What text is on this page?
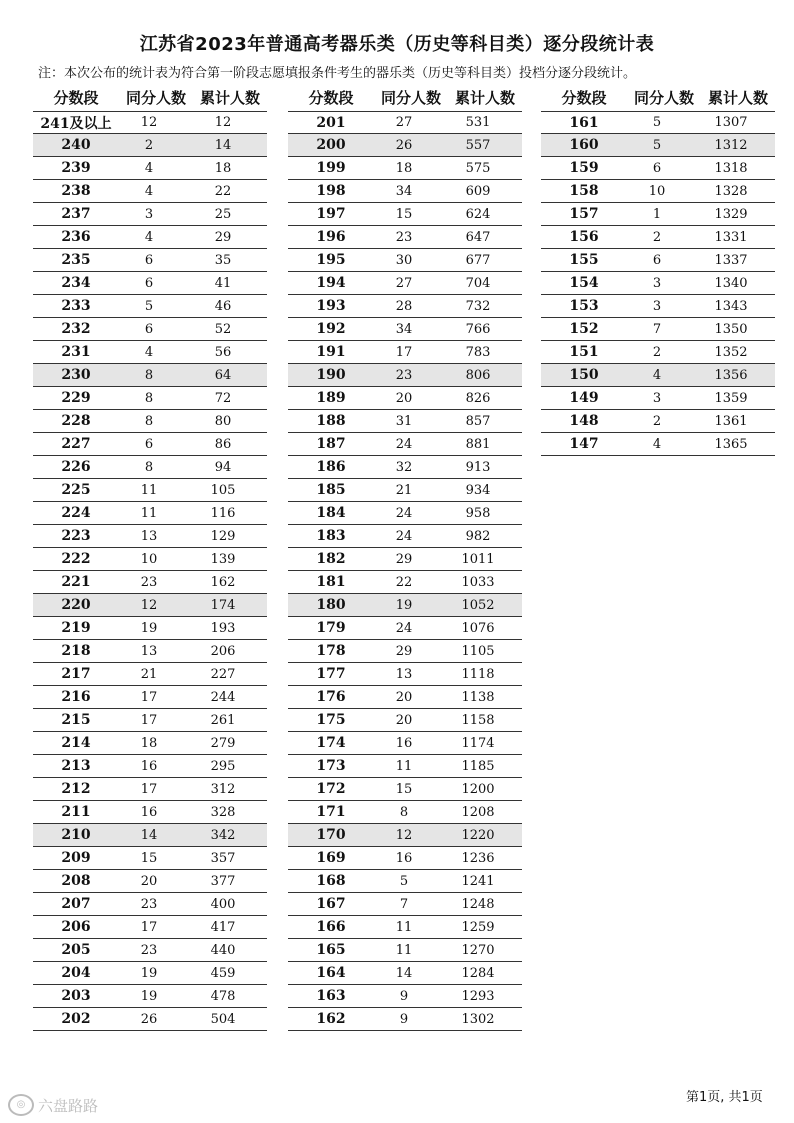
江苏省2023年普通高考器乐类（历史等科目类）逐分段统计表
注：本次公布的统计表为符合第一阶段志愿填报条件考生的器乐类（历史等科目类）投档分逐分段统计。
分数段	同分人数 累计人数
241及以上	12	12
240	2	14
239	4	18
238	4	22
237	3	25
236	4	29
235	6	35
234	6	41
233	5	46
232	6	52
231	4	56
230	8	64
229	8	72
228	8	80
227	6	86
226	8	94
225	11	105
224	11	116
223	13	129
222	10	139
221	23	162
220	12	174
219	19	193
218	13	206
217	21	227
216	17	244
215	17	261
214	18	279
213	16	295
212	17	312
211	16	328
210	14	342
209	15	357
208	20	377
207	23	400
206	17	417
205	23	440
204	19	459
203	19	478
202	26	504
分数段	同分人数 累计人数
201	27	531
200	26	557
199	18	575
198	34	609
197	15	624
196	23	647
195	30	677
194	27	704
193	28	732
192	34	766
191	17	783
190	23	806
189	20	826
188	31	857
187	24	881
186	32	913
185	21	934
184	24	958
183	24	982
182	29	1011
181	22	1033
180	19	1052
179	24	1076
178	29	1105
177	13	1118
176	20	1138
175	20	1158
174	16	1174
173	11	1185
172	15	1200
171	8	1208
170	12	1220
169	16	1236
168	5	1241
167	7	1248
166	11	1259
165	11	1270
164	14	1284
163	9	1293
162	9	1302
分数段	同分人数 累计人数
161	5	1307
160	5	1312
159	6	1318
158	10	1328
157	1	1329
156	2	1331
155	6	1337
154	3	1340
153	3	1343
152	7	1350
151	2	1352
150	4	1356
149	3	1359
148	2	1361
147	4	1365
第1页, 共1页
◎ 六盘路路
